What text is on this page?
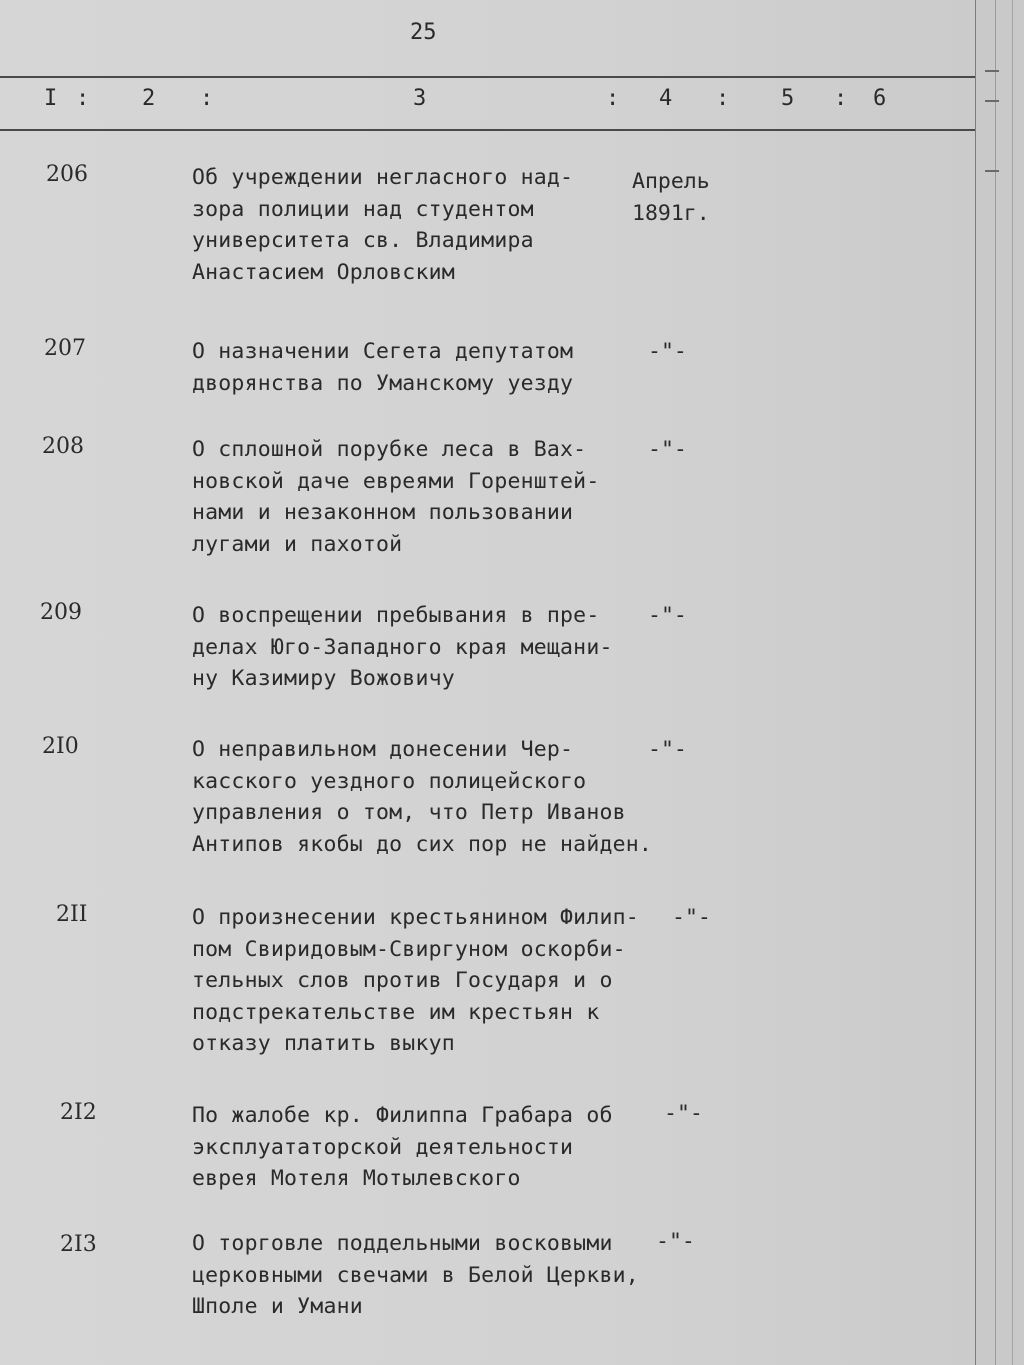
25
I : 2 :	3	: 4 : 5 : 6
206	Об учреждении негласного над-
зора полиции над студентом
университета св. Владимира
Анастасием Орловским
Апрель
1891г.
207	О назначении Сегета депутатом
дворянства по Уманскому уезду
-"-
208	О сплошной порубке леса в Вах-
новской даче евреями Горенштей-
нами и незаконном пользовании
лугами и пахотой
-"-
209	О воспрещении пребывания в пре-
делах Юго-Западного края мещани-
ну Казимиру Вожовичу
-"-
2I0	О неправильном донесении Чер-
касского уездного полицейского
управления о том, что Петр Иванов
Антипов якобы до сих пор не найден.
-"-
2II	О произнесении крестьянином Филип-
пом Свиридовым-Свиргуном оскорби-
тельных слов против Государя и о
подстрекательстве им крестьян к
отказу платить выкуп
-"-
2I2	По жалобе кр. Филиппа Грабара об
эксплуататорской деятельности
еврея Мотеля Мотылевского
-"-
2I3	О торговле поддельными восковыми
церковными свечами в Белой Церкви,
Шполе и Умани
-"-
